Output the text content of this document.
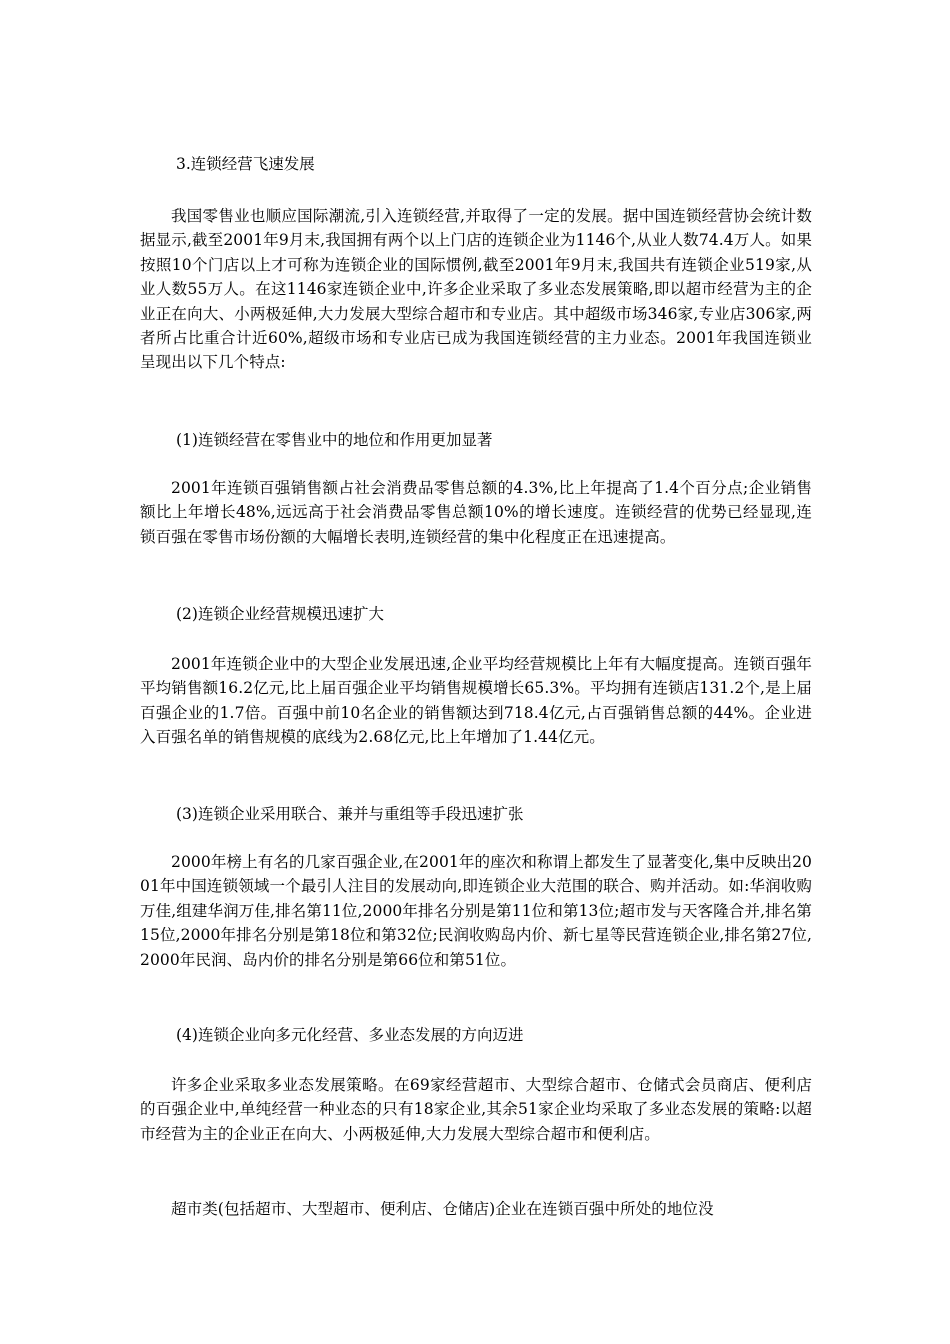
3.连锁经营飞速发展
我国零售业也顺应国际潮流,引入连锁经营,并取得了一定的发展。据中国连锁经营协会统计数据显示,截至2001年9月末,我国拥有两个以上门店的连锁企业为1146个,从业人数74.4万人。如果按照10个门店以上才可称为连锁企业的国际惯例,截至2001年9月末,我国共有连锁企业519家,从业人数55万人。在这1146家连锁企业中,许多企业采取了多业态发展策略,即以超市经营为主的企业正在向大、小两极延伸,大力发展大型综合超市和专业店。其中超级市场346家,专业店306家,两者所占比重合计近60%,超级市场和专业店已成为我国连锁经营的主力业态。2001年我国连锁业呈现出以下几个特点:
(1)连锁经营在零售业中的地位和作用更加显著
2001年连锁百强销售额占社会消费品零售总额的4.3%,比上年提高了1.4个百分点;企业销售额比上年增长48%,远远高于社会消费品零售总额10%的增长速度。连锁经营的优势已经显现,连锁百强在零售市场份额的大幅增长表明,连锁经营的集中化程度正在迅速提高。
(2)连锁企业经营规模迅速扩大
2001年连锁企业中的大型企业发展迅速,企业平均经营规模比上年有大幅度提高。连锁百强年平均销售额16.2亿元,比上届百强企业平均销售规模增长65.3%。平均拥有连锁店131.2个,是上届百强企业的1.7倍。百强中前10名企业的销售额达到718.4亿元,占百强销售总额的44%。企业进入百强名单的销售规模的底线为2.68亿元,比上年增加了1.44亿元。
(3)连锁企业采用联合、兼并与重组等手段迅速扩张
2000年榜上有名的几家百强企业,在2001年的座次和称谓上都发生了显著变化,集中反映出2001年中国连锁领域一个最引人注目的发展动向,即连锁企业大范围的联合、购并活动。如:华润收购万佳,组建华润万佳,排名第11位,2000年排名分别是第11位和第13位;超市发与天客隆合并,排名第15位,2000年排名分别是第18位和第32位;民润收购岛内价、新七星等民营连锁企业,排名第27位,2000年民润、岛内价的排名分别是第66位和第51位。
(4)连锁企业向多元化经营、多业态发展的方向迈进
许多企业采取多业态发展策略。在69家经营超市、大型综合超市、仓储式会员商店、便利店的百强企业中,单纯经营一种业态的只有18家企业,其余51家企业均采取了多业态发展的策略:以超市经营为主的企业正在向大、小两极延伸,大力发展大型综合超市和便利店。
超市类(包括超市、大型超市、便利店、仓储店)企业在连锁百强中所处的地位没
